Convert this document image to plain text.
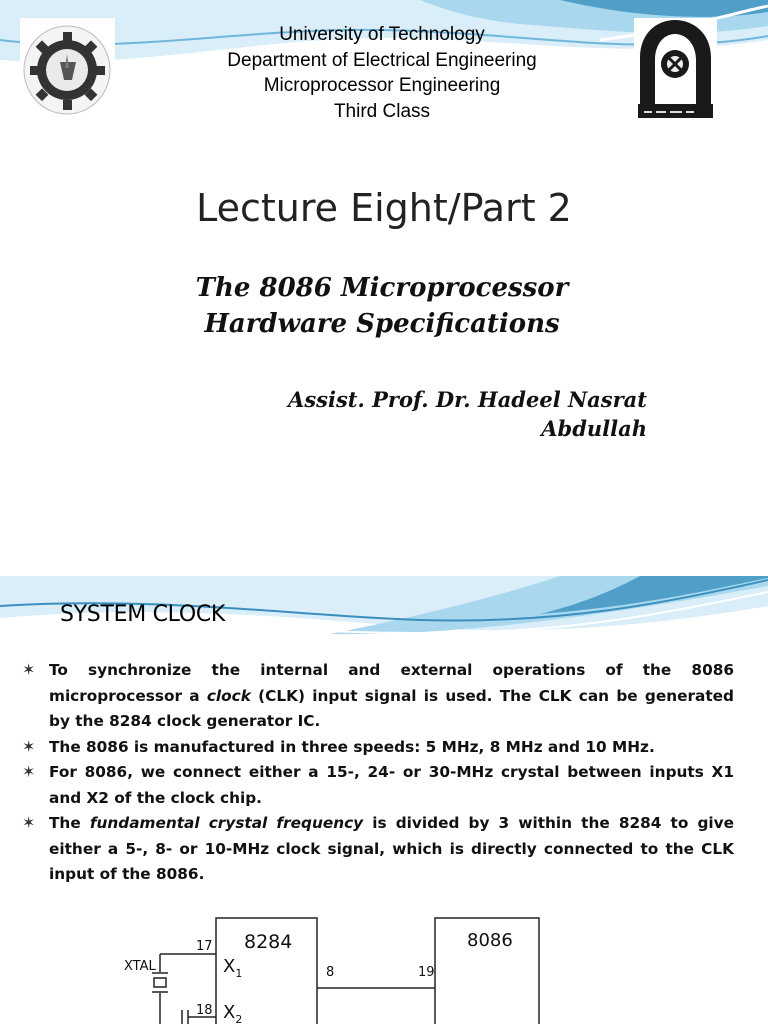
University of Technology
Department of Electrical Engineering
Microprocessor Engineering
Third Class
Lecture Eight/Part 2
The 8086 Microprocessor
Hardware Specifications
Assist. Prof. Dr. Hadeel Nasrat
Abdullah
SYSTEM CLOCK
✶ To synchronize the internal and external operations of the 8086 microprocessor a clock (CLK) input signal is used. The CLK can be generated by the 8284 clock generator IC.
✶ The 8086 is manufactured in three speeds: 5 MHz, 8 MHz and 10 MHz.
✶ For 8086, we connect either a 15-, 24- or 30-MHz crystal between inputs X1 and X2 of the clock chip.
✶ The fundamental crystal frequency is divided by 3 within the 8284 to give either a 5-, 8- or 10-MHz clock signal, which is directly connected to the CLK input of the 8086.
8284	8086
$X_1$
$X_2$
17
18
8	19
XTAL
